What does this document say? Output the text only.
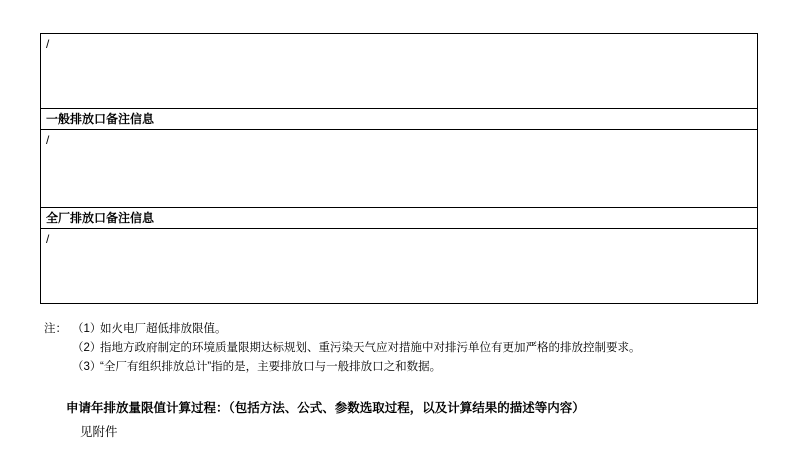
/
一般排放口备注信息
/
全厂排放口备注信息
/
注： （1）如火电厂超低排放限值。
（2）指地方政府制定的环境质量限期达标规划、重污染天气应对措施中对排污单位有更加严格的排放控制要求。
（3）“全厂有组织排放总计”指的是，主要排放口与一般排放口之和数据。
申请年排放量限值计算过程：（包括方法、公式、参数选取过程，以及计算结果的描述等内容）
见附件
